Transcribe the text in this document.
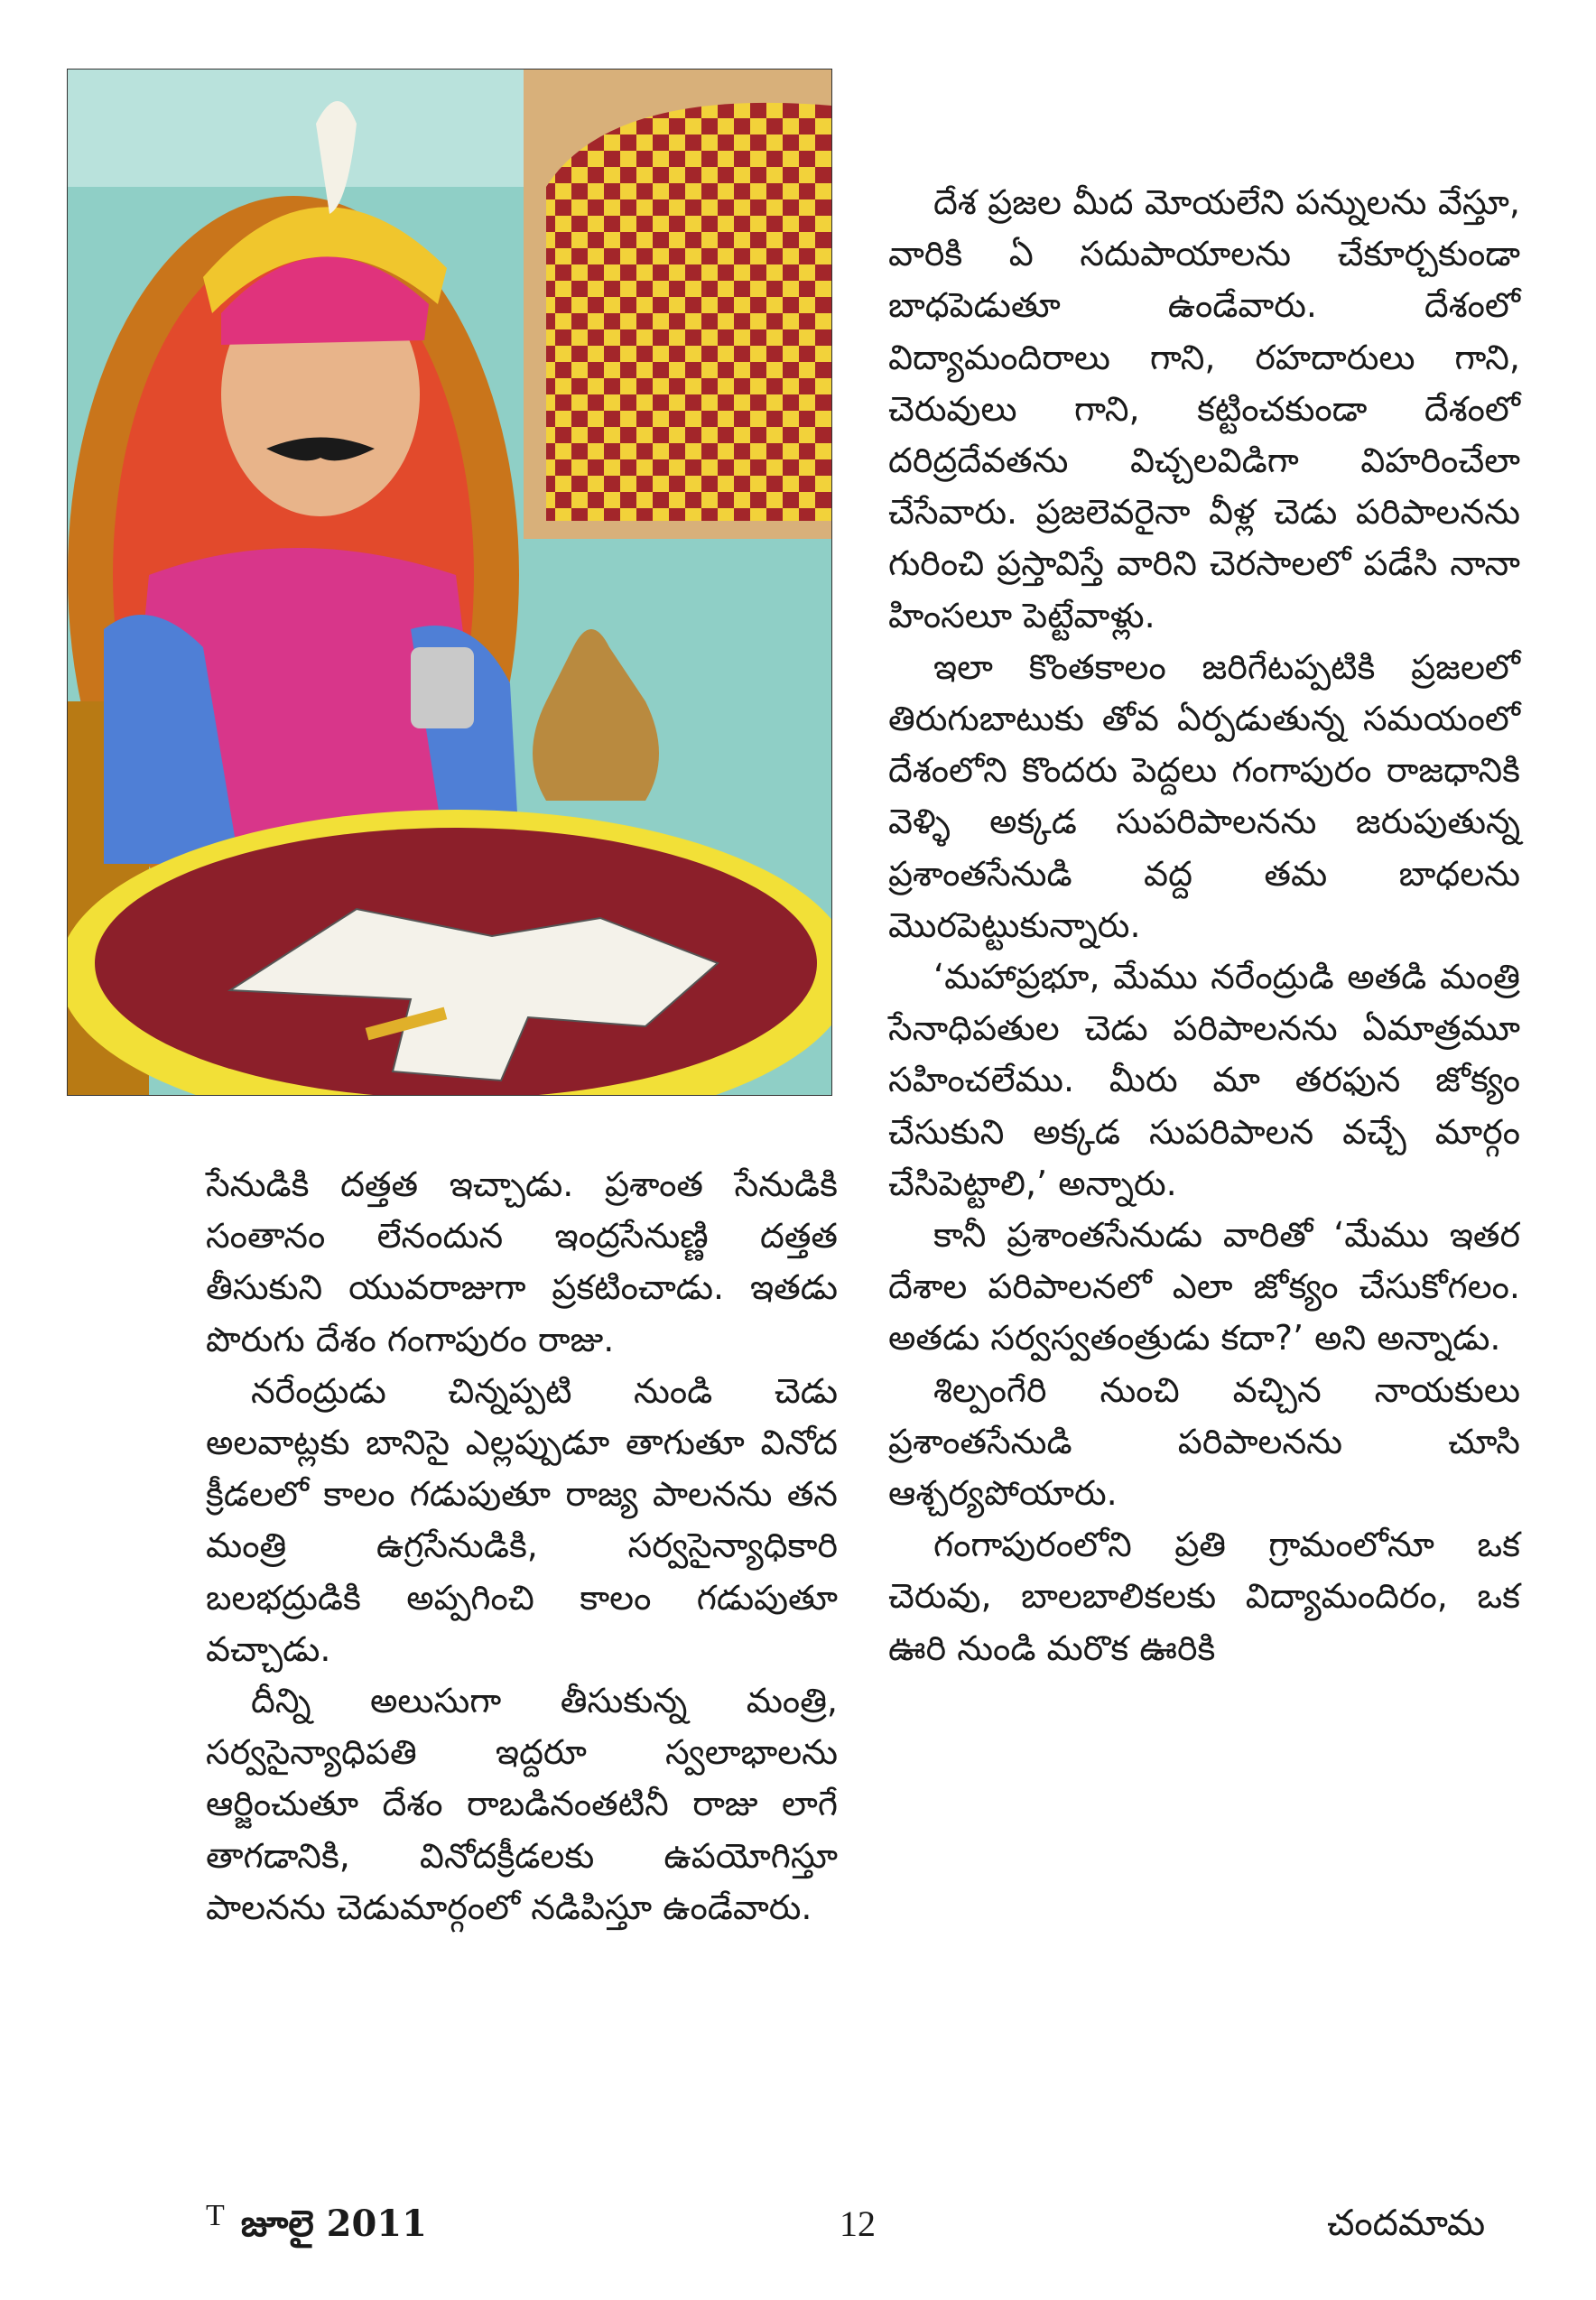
దేశ ప్రజల మీద మోయలేని పన్నులను వేస్తూ, వారికి ఏ సదుపాయాలను చేకూర్చకుండా బాధపెడుతూ ఉండేవారు. దేశంలో విద్యామందిరాలు గాని, రహదారులు గాని, చెరువులు గాని, కట్టించకుండా దేశంలో దరిద్రదేవతను విచ్చలవిడిగా విహరించేలా చేసేవారు. ప్రజలెవరైనా వీళ్ల చెడు పరిపాలనను గురించి ప్రస్తావిస్తే వారిని చెరసాలలో పడేసి నానా హింసలూ పెట్టేవాళ్లు.

ఇలా కొంతకాలం జరిగేటప్పటికి ప్రజలలో తిరుగుబాటుకు తోవ ఏర్పడుతున్న సమయంలో దేశంలోని కొందరు పెద్దలు గంగాపురం రాజధానికి వెళ్ళి అక్కడ సుపరిపాలనను జరుపుతున్న ప్రశాంతసేనుడి వద్ద తమ బాధలను మొరపెట్టుకున్నారు.

‘మహాప్రభూ, మేము నరేంద్రుడి అతడి మంత్రి సేనాధిపతుల చెడు పరిపాలనను ఏమాత్రమూ సహించలేము. మీరు మా తరఫున జోక్యం చేసుకుని అక్కడ సుపరిపాలన వచ్చే మార్గం చేసిపెట్టాలి,’ అన్నారు.

కానీ ప్రశాంతసేనుడు వారితో ‘మేము ఇతర దేశాల పరిపాలనలో ఎలా జోక్యం చేసుకోగలం. అతడు సర్వస్వతంత్రుడు కదా?’ అని అన్నాడు.

శిల్పంగేరి నుంచి వచ్చిన నాయకులు ప్రశాంతసేనుడి పరిపాలనను చూసి ఆశ్చర్యపోయారు.

గంగాపురంలోని ప్రతి గ్రామంలోనూ ఒక చెరువు, బాలబాలికలకు విద్యామందిరం, ఒక ఊరి నుండి మరొక ఊరికి

సేనుడికి దత్తత ఇచ్చాడు. ప్రశాంత సేనుడికి సంతానం లేనందున ఇంద్రసేనుణ్ణి దత్తత తీసుకుని యువరాజుగా ప్రకటించాడు. ఇతడు పొరుగు దేశం గంగాపురం రాజు.

నరేంద్రుడు చిన్నప్పటి నుండి చెడు అలవాట్లకు బానిసై ఎల్లప్పుడూ తాగుతూ వినోద క్రీడలలో కాలం గడుపుతూ రాజ్య పాలనను తన మంత్రి ఉగ్రసేనుడికి, సర్వసైన్యాధికారి బలభద్రుడికి అప్పగించి కాలం గడుపుతూ వచ్చాడు.

దీన్ని అలుసుగా తీసుకున్న మంత్రి, సర్వసైన్యాధిపతి ఇద్దరూ స్వలాభాలను ఆర్జించుతూ దేశం రాబడినంతటినీ రాజు లాగే తాగడానికి, వినోదక్రీడలకు ఉపయోగిస్తూ పాలనను చెడుమార్గంలో నడిపిస్తూ ఉండేవారు.

$^T$ జూలై 2011	12	చందమామ
